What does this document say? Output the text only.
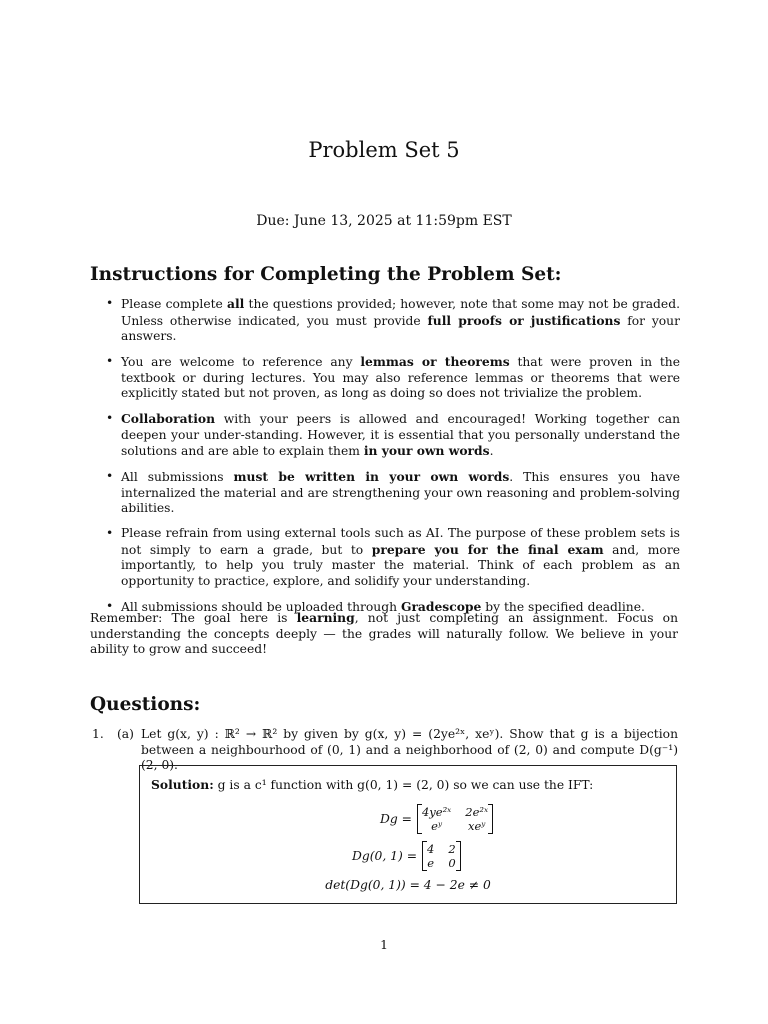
Problem Set 5
Due: June 13, 2025 at 11:59pm EST
Instructions for Completing the Problem Set:
• Please complete all the questions provided; however, note that some may not be graded. Unless otherwise indicated, you must provide full proofs or justifications for your answers.
• You are welcome to reference any lemmas or theorems that were proven in the textbook or during lectures. You may also reference lemmas or theorems that were explicitly stated but not proven, as long as doing so does not trivialize the problem.
• Collaboration with your peers is allowed and encouraged! Working together can deepen your under-standing. However, it is essential that you personally understand the solutions and are able to explain them in your own words.
• All submissions must be written in your own words. This ensures you have internalized the material and are strengthening your own reasoning and problem-solving abilities.
• Please refrain from using external tools such as AI. The purpose of these problem sets is not simply to earn a grade, but to prepare you for the final exam and, more importantly, to help you truly master the material. Think of each problem as an opportunity to practice, explore, and solidify your understanding.
• All submissions should be uploaded through Gradescope by the specified deadline.
Remember: The goal here is learning, not just completing an assignment. Focus on understanding the concepts deeply — the grades will naturally follow. We believe in your ability to grow and succeed!
Questions:
1. (a) Let g(x, y) : ℝ² → ℝ² by given by g(x, y) = (2ye²ˣ, xeʸ). Show that g is a bijection between a neighbourhood of (0, 1) and a neighborhood of (2, 0) and compute D(g⁻¹)(2, 0).
Solution: g is a c¹ function with g(0, 1) = (2, 0) so we can use the IFT:
Dg = 4ye²ˣ 2e²ˣ
eʸ	xeʸ
Dg(0, 1) = 4 2
e 0
det(Dg(0, 1)) = 4 − 2e ≠ 0
1
